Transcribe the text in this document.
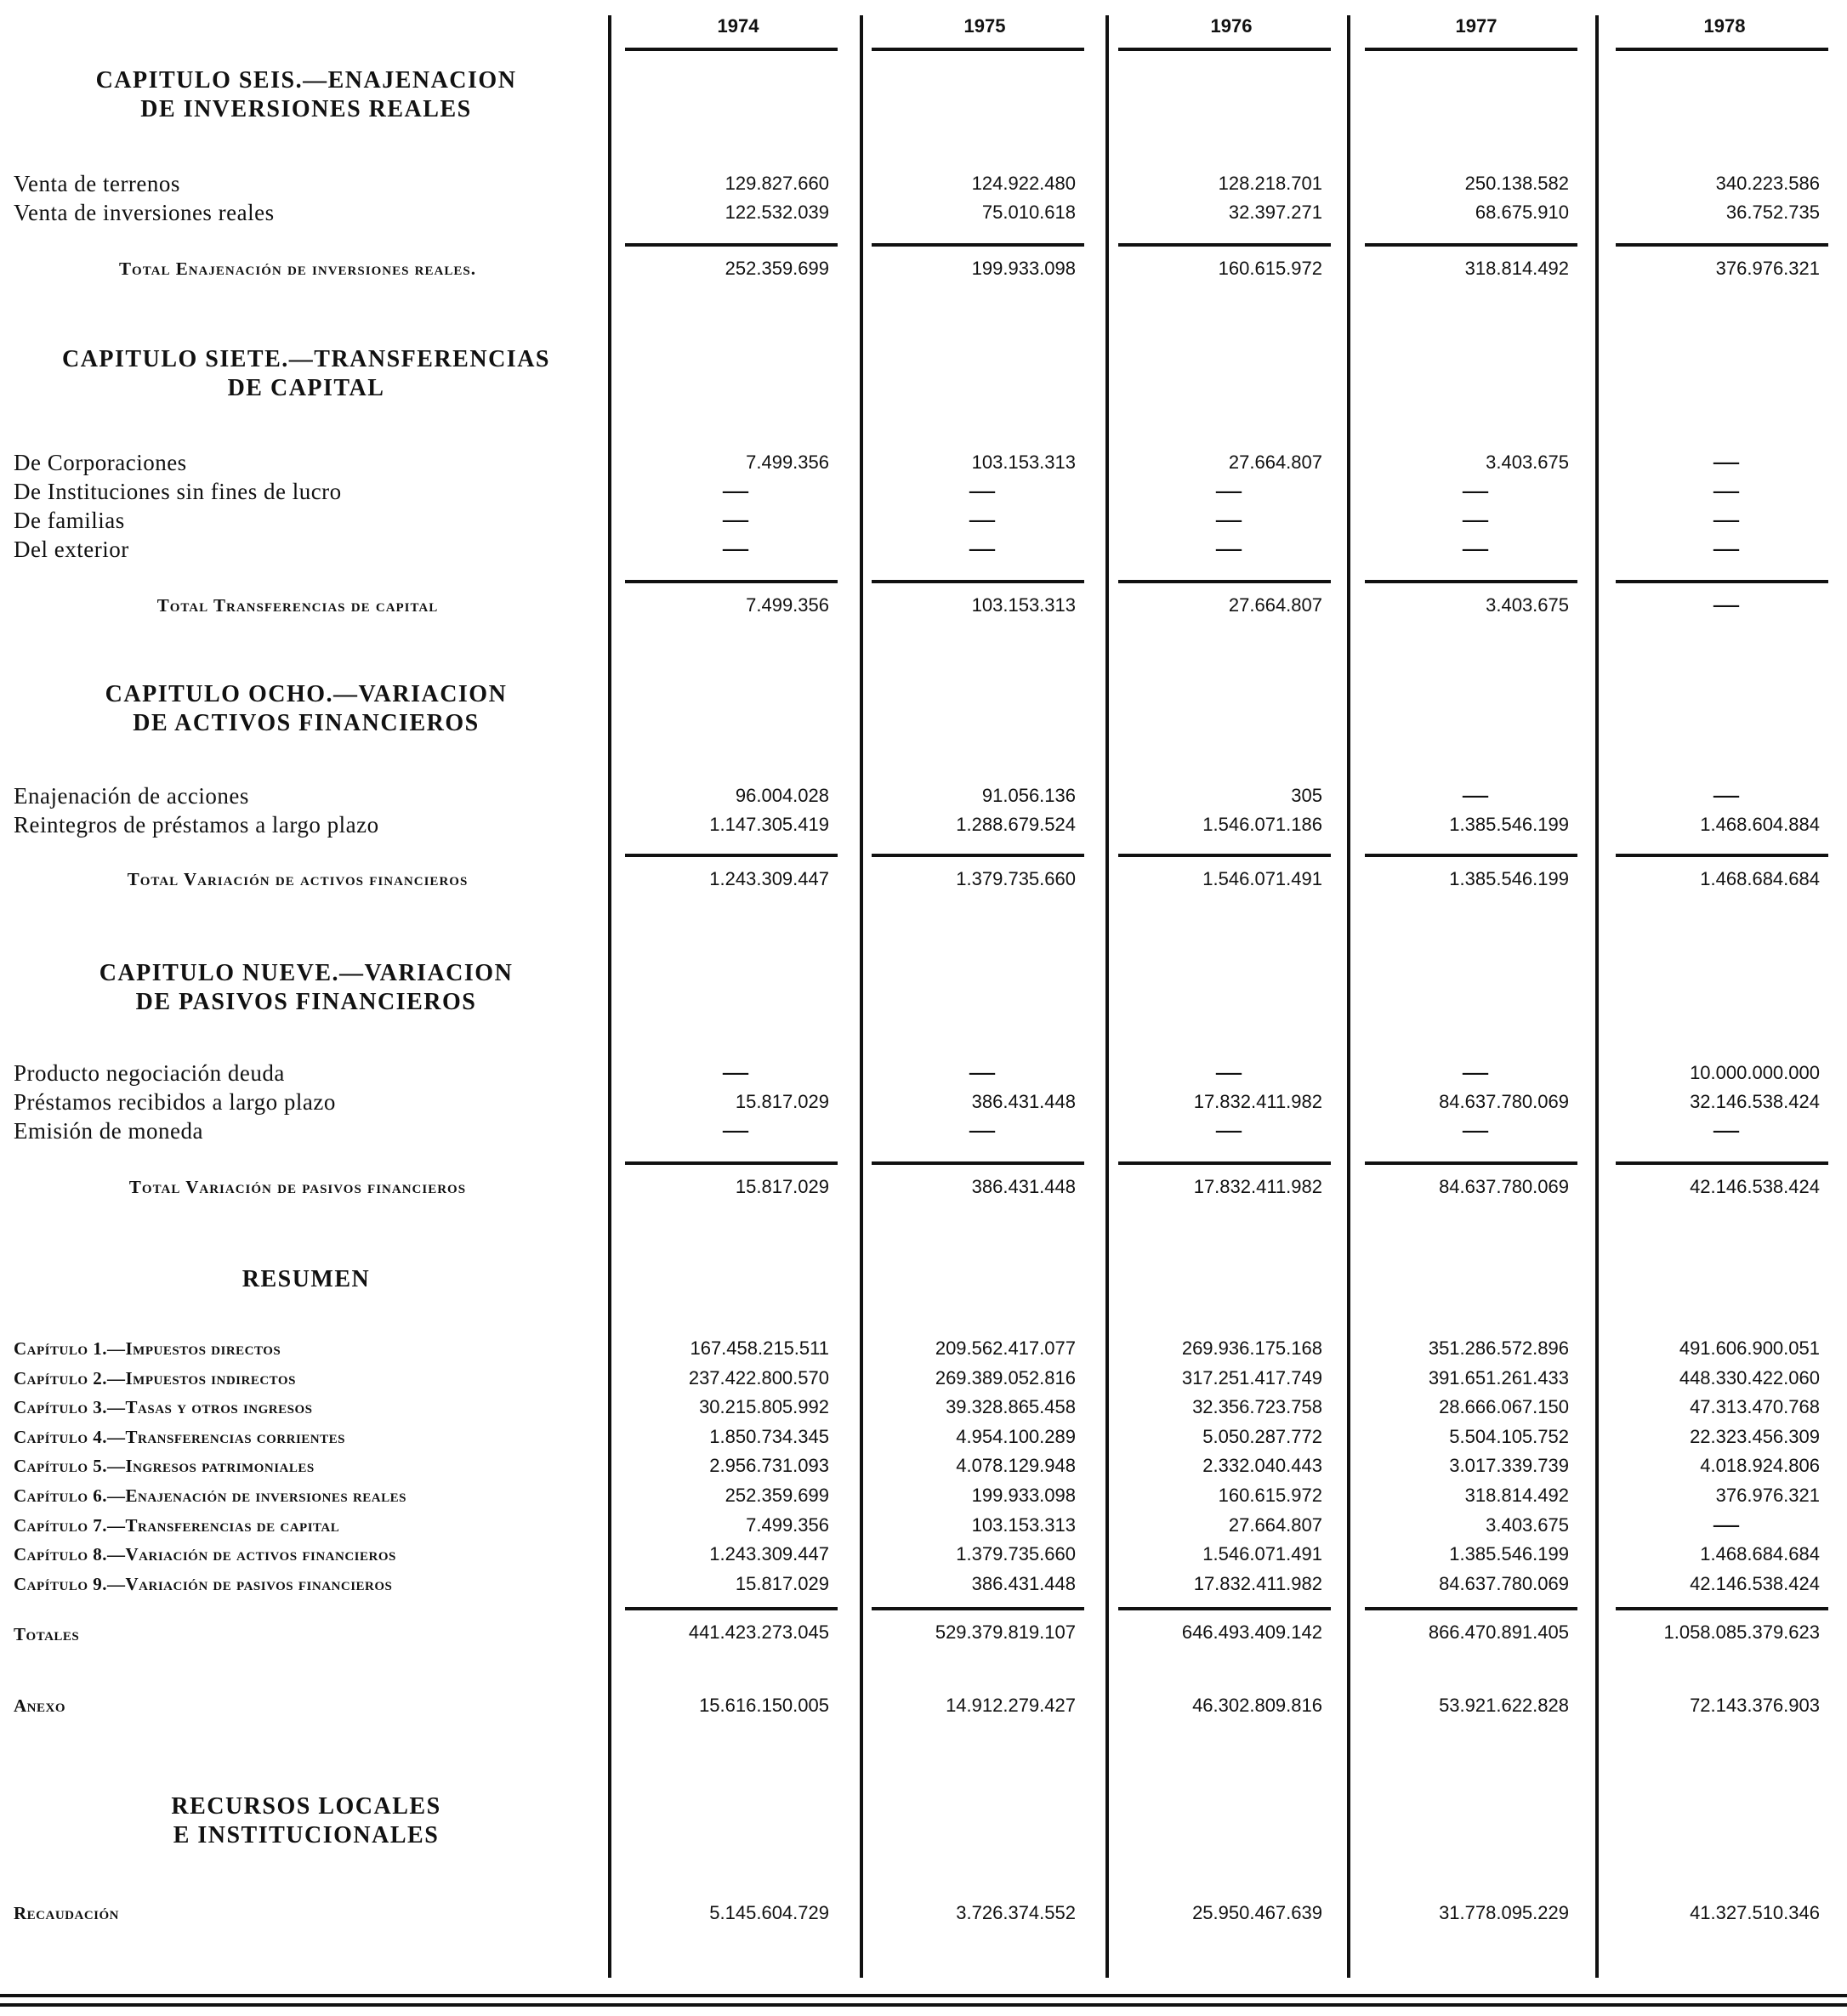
1974	1975	1976	1977	1978
CAPITULO SEIS.—ENAJENACION
DE INVERSIONES REALES
Venta de terrenos	129.827.660	124.922.480	128.218.701	250.138.582	340.223.586
Venta de inversiones reales	122.532.039	75.010.618	32.397.271	68.675.910	36.752.735
Total Enajenación de inversiones reales.	252.359.699	199.933.098	160.615.972	318.814.492	376.976.321
CAPITULO SIETE.—TRANSFERENCIAS
DE CAPITAL
De Corporaciones	7.499.356	103.153.313	27.664.807	3.403.675	—
De Instituciones sin fines de lucro	—	—	—	—	—
De familias	—	—	—	—	—
Del exterior	—	—	—	—	—
Total Transferencias de capital	7.499.356	103.153.313	27.664.807	3.403.675	—
CAPITULO OCHO.—VARIACION
DE ACTIVOS FINANCIEROS
Enajenación de acciones	96.004.028	91.056.136	305	—	—
Reintegros de préstamos a largo plazo	1.147.305.419	1.288.679.524	1.546.071.186	1.385.546.199	1.468.604.884
Total Variación de activos financieros	1.243.309.447	1.379.735.660	1.546.071.491	1.385.546.199	1.468.684.684
CAPITULO NUEVE.—VARIACION
DE PASIVOS FINANCIEROS
Producto negociación deuda	—	—	—	—	10.000.000.000
Préstamos recibidos a largo plazo	15.817.029	386.431.448	17.832.411.982	84.637.780.069	32.146.538.424
Emisión de moneda	—	—	—	—	—
Total Variación de pasivos financieros	15.817.029	386.431.448	17.832.411.982	84.637.780.069	42.146.538.424
RESUMEN
Capítulo 1.—Impuestos directos	167.458.215.511	209.562.417.077	269.936.175.168	351.286.572.896	491.606.900.051
Capítulo 2.—Impuestos indirectos	237.422.800.570	269.389.052.816	317.251.417.749	391.651.261.433	448.330.422.060
Capítulo 3.—Tasas y otros ingresos	30.215.805.992	39.328.865.458	32.356.723.758	28.666.067.150	47.313.470.768
Capítulo 4.—Transferencias corrientes	1.850.734.345	4.954.100.289	5.050.287.772	5.504.105.752	22.323.456.309
Capítulo 5.—Ingresos patrimoniales	2.956.731.093	4.078.129.948	2.332.040.443	3.017.339.739	4.018.924.806
Capítulo 6.—Enajenación de inversiones reales	252.359.699	199.933.098	160.615.972	318.814.492	376.976.321
Capítulo 7.—Transferencias de capital	7.499.356	103.153.313	27.664.807	3.403.675	—
Capítulo 8.—Variación de activos financieros	1.243.309.447	1.379.735.660	1.546.071.491	1.385.546.199	1.468.684.684
Capítulo 9.—Variación de pasivos financieros	15.817.029	386.431.448	17.832.411.982	84.637.780.069	42.146.538.424
Totales	441.423.273.045	529.379.819.107	646.493.409.142	866.470.891.405	1.058.085.379.623
Anexo	15.616.150.005	14.912.279.427	46.302.809.816	53.921.622.828	72.143.376.903
RECURSOS LOCALES
E INSTITUCIONALES
Recaudación	5.145.604.729	3.726.374.552	25.950.467.639	31.778.095.229	41.327.510.346
